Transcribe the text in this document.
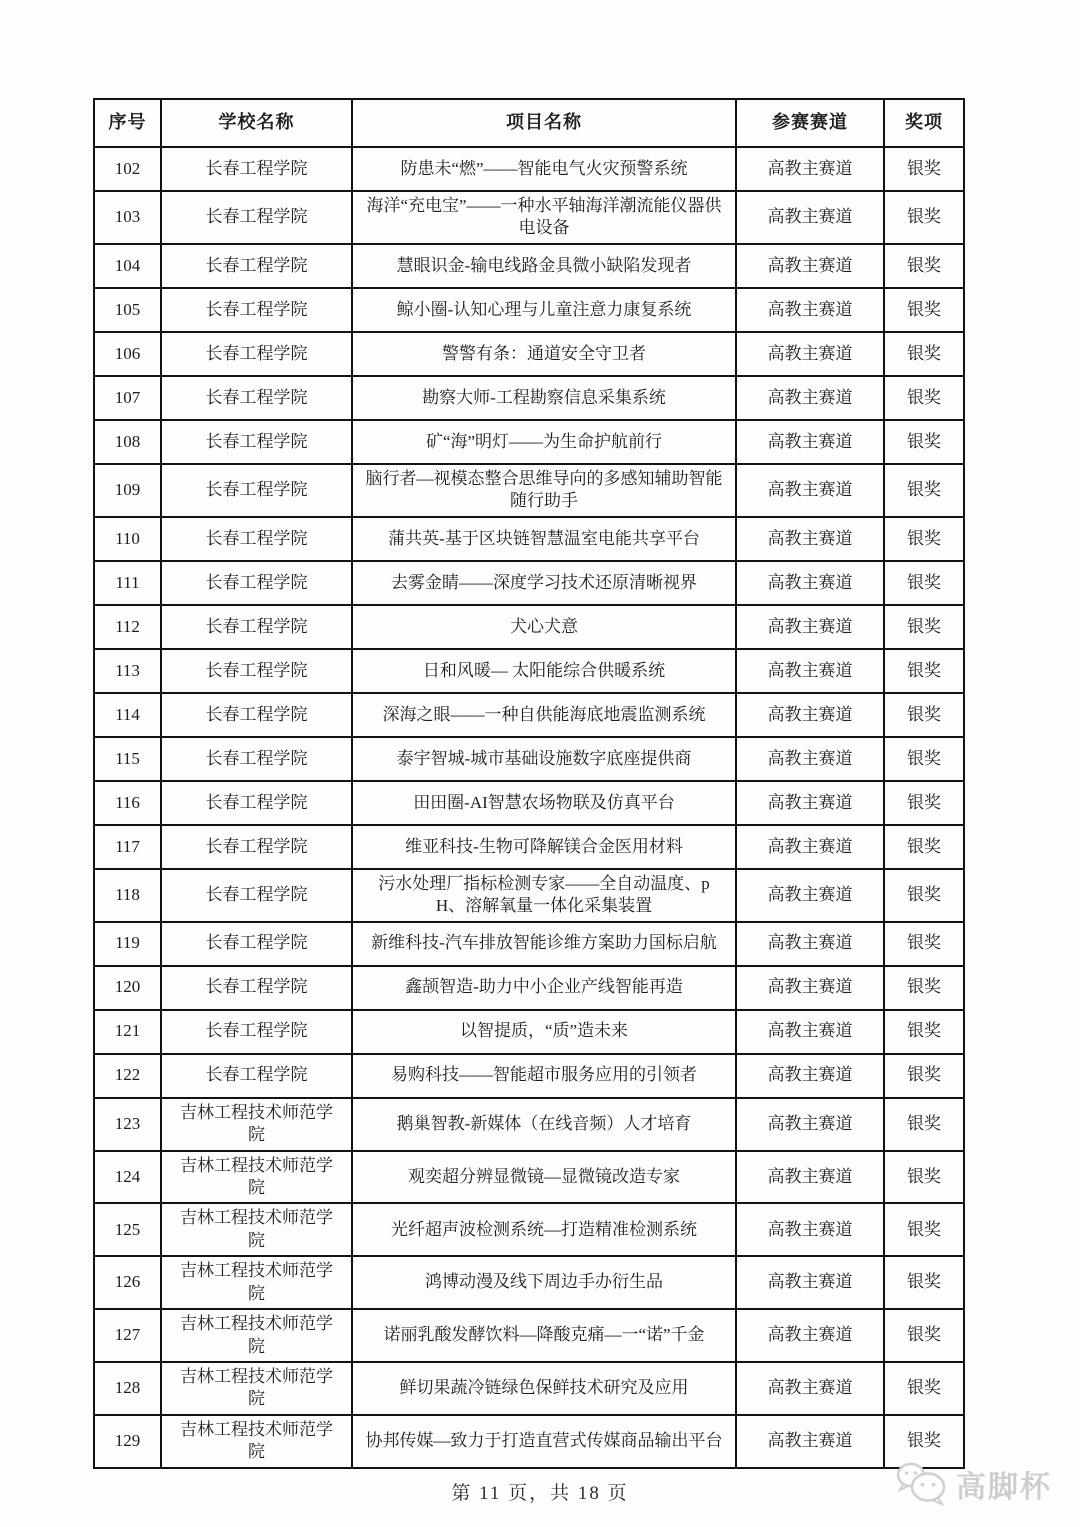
序号	学校名称	项目名称	参赛赛道	奖项
102	长春工程学院	防患未“燃”——智能电气火灾预警系统	高教主赛道	银奖
103	长春工程学院	海洋“充电宝”——一种水平轴海洋潮流能仪器供电设备	高教主赛道	银奖
104	长春工程学院	慧眼识金-输电线路金具微小缺陷发现者	高教主赛道	银奖
105	长春工程学院	鲸小圈-认知心理与儿童注意力康复系统	高教主赛道	银奖
106	长春工程学院	警警有条：通道安全守卫者	高教主赛道	银奖
107	长春工程学院	勘察大师-工程勘察信息采集系统	高教主赛道	银奖
108	长春工程学院	矿“海”明灯——为生命护航前行	高教主赛道	银奖
109	长春工程学院	脑行者—视模态整合思维导向的多感知辅助智能随行助手	高教主赛道	银奖
110	长春工程学院	蒲共英-基于区块链智慧温室电能共享平台	高教主赛道	银奖
111	长春工程学院	去雾金睛——深度学习技术还原清晰视界	高教主赛道	银奖
112	长春工程学院	犬心犬意	高教主赛道	银奖
113	长春工程学院	日和风暖— 太阳能综合供暖系统	高教主赛道	银奖
114	长春工程学院	深海之眼——一种自供能海底地震监测系统	高教主赛道	银奖
115	长春工程学院	泰宇智城-城市基础设施数字底座提供商	高教主赛道	银奖
116	长春工程学院	田田圈-AI智慧农场物联及仿真平台	高教主赛道	银奖
117	长春工程学院	维亚科技-生物可降解镁合金医用材料	高教主赛道	银奖
118	长春工程学院	污水处理厂指标检测专家——全自动温度、pH、溶解氧量一体化采集装置	高教主赛道	银奖
119	长春工程学院	新维科技-汽车排放智能诊维方案助力国标启航	高教主赛道	银奖
120	长春工程学院	鑫颉智造-助力中小企业产线智能再造	高教主赛道	银奖
121	长春工程学院	以智提质，“质”造未来	高教主赛道	银奖
122	长春工程学院	易购科技——智能超市服务应用的引领者	高教主赛道	银奖
123	吉林工程技术师范学院	鹅巢智教-新媒体（在线音频）人才培育	高教主赛道	银奖
124	吉林工程技术师范学院	观奕超分辨显微镜—显微镜改造专家	高教主赛道	银奖
125	吉林工程技术师范学院	光纤超声波检测系统—打造精准检测系统	高教主赛道	银奖
126	吉林工程技术师范学院	鸿博动漫及线下周边手办衍生品	高教主赛道	银奖
127	吉林工程技术师范学院	诺丽乳酸发酵饮料—降酸克痛—一“诺”千金	高教主赛道	银奖
128	吉林工程技术师范学院	鲜切果蔬冷链绿色保鲜技术研究及应用	高教主赛道	银奖
129	吉林工程技术师范学院	协邦传媒—致力于打造直营式传媒商品输出平台	高教主赛道	银奖
第 11 页，共 18 页	高脚杯
